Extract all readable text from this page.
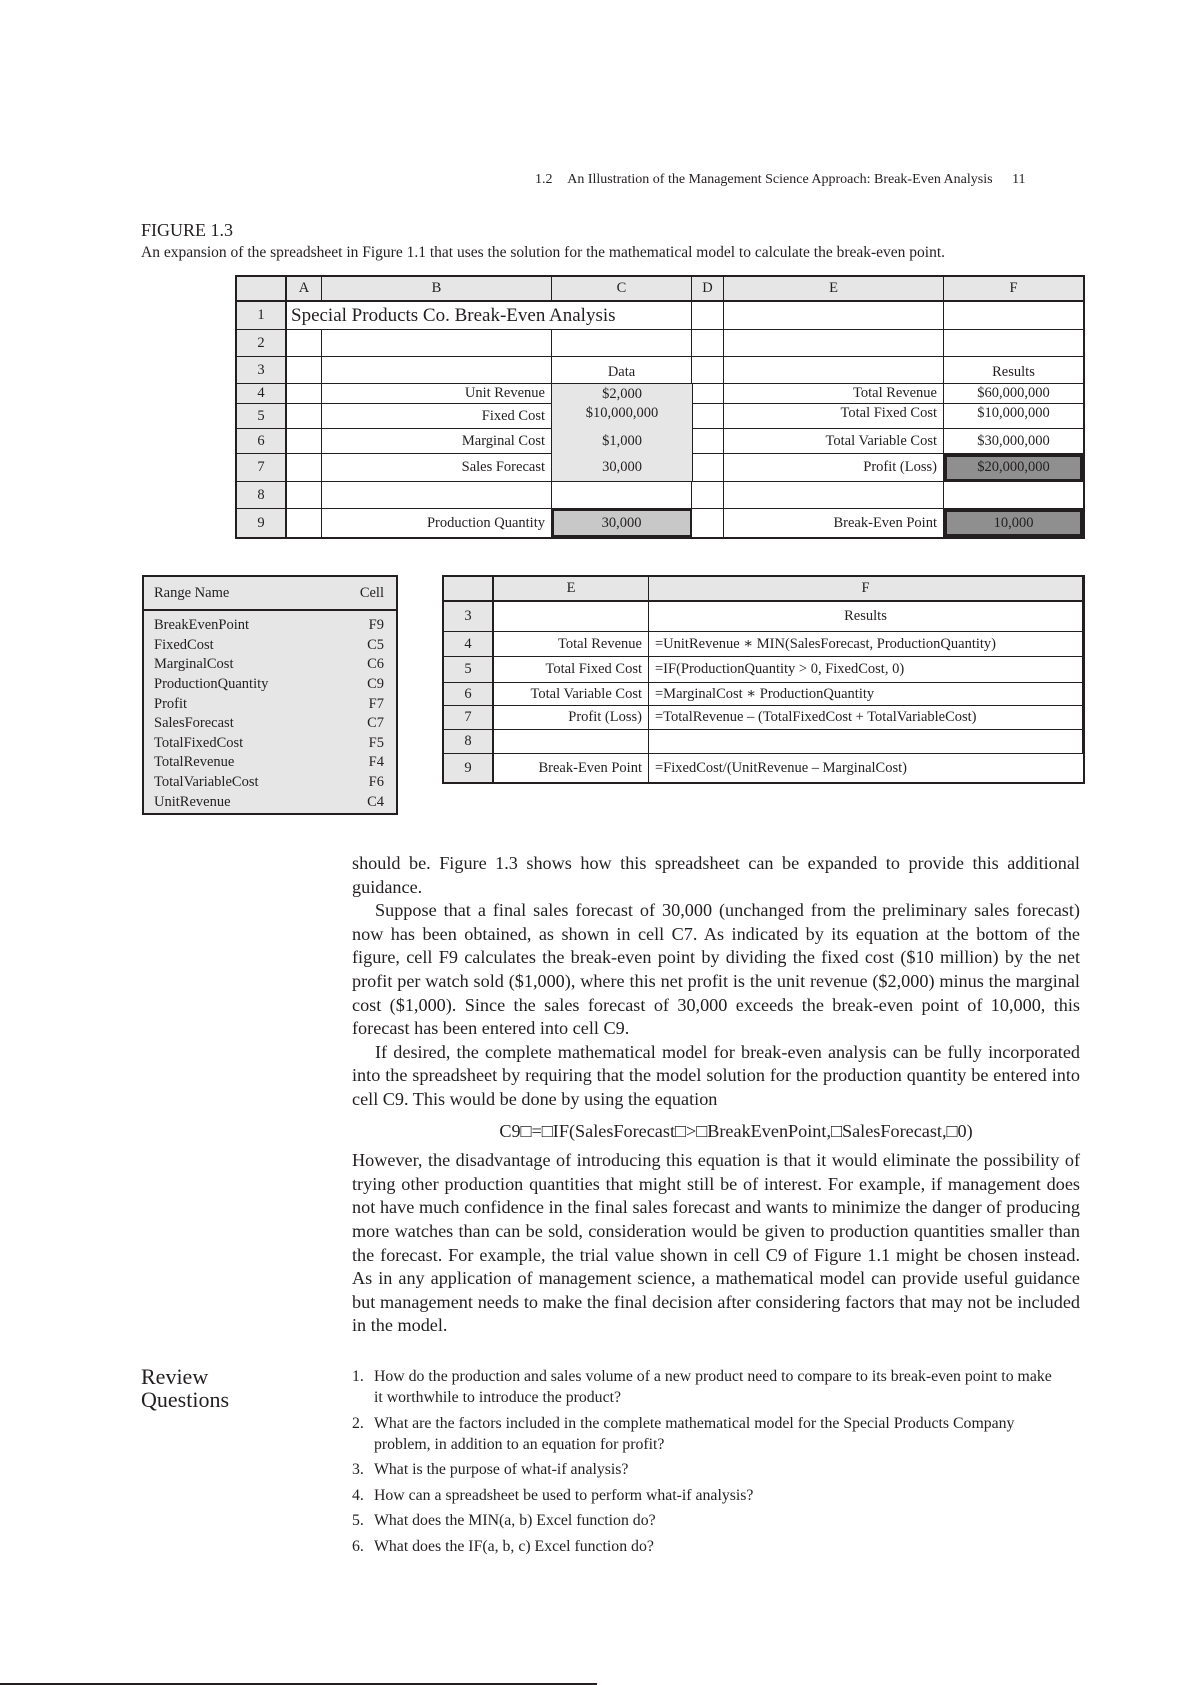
1.2 An Illustration of the Management Science Approach: Break-Even Analysis 11
FIGURE 1.3
An expansion of the spreadsheet in Figure 1.1 that uses the solution for the mathematical model to calculate the break-even point.
A	B	C	D	E	F
1	Special Products Co. Break-Even Analysis
2
3	Data	Results
4	Unit Revenue	$2,000	Total Revenue	$60,000,000
5	Fixed Cost	$10,000,000	Total Fixed Cost	$10,000,000
6	Marginal Cost	$1,000	Total Variable Cost	$30,000,000
7	Sales Forecast	30,000	Profit (Loss)	$20,000,000
8
9	Production Quantity	30,000	Break-Even Point	10,000
Range Name	Cell
BreakEvenPoint	F9
FixedCost	C5
MarginalCost	C6
ProductionQuantity	C9
Profit	F7
SalesForecast	C7
TotalFixedCost	F5
TotalRevenue	F4
TotalVariableCost	F6
UnitRevenue	C4
E	F
3	Results
4	Total Revenue =UnitRevenue ∗ MIN(SalesForecast, ProductionQuantity)
5	Total Fixed Cost =IF(ProductionQuantity > 0, FixedCost, 0)
6	Total Variable Cost =MarginalCost ∗ ProductionQuantity
7	Profit (Loss) =TotalRevenue – (TotalFixedCost + TotalVariableCost)
8
9	Break-Even Point =FixedCost/(UnitRevenue – MarginalCost)

should be. Figure 1.3 shows how this spreadsheet can be expanded to provide this additional guidance.

Suppose that a final sales forecast of 30,000 (unchanged from the preliminary sales forecast) now has been obtained, as shown in cell C7. As indicated by its equation at the bottom of the figure, cell F9 calculates the break-even point by dividing the fixed cost ($10 million) by the net profit per watch sold ($1,000), where this net profit is the unit revenue ($2,000) minus the marginal cost ($1,000). Since the sales forecast of 30,000 exceeds the break-even point of 10,000, this forecast has been entered into cell C9.

If desired, the complete mathematical model for break-even analysis can be fully incorporated into the spreadsheet by requiring that the model solution for the production quantity be entered into cell C9. This would be done by using the equation

C9□=□IF(SalesForecast□>□BreakEvenPoint,□SalesForecast,□0)

However, the disadvantage of introducing this equation is that it would eliminate the possibility of trying other production quantities that might still be of interest. For example, if management does not have much confidence in the final sales forecast and wants to minimize the danger of producing more watches than can be sold, consideration would be given to production quantities smaller than the forecast. For example, the trial value shown in cell C9 of Figure 1.1 might be chosen instead. As in any application of management science, a mathematical model can provide useful guidance but management needs to make the final decision after considering factors that may not be included in the model.

Review
Questions
1. How do the production and sales volume of a new product need to compare to its break-even point to make it worthwhile to introduce the product?
2. What are the factors included in the complete mathematical model for the Special Products Company problem, in addition to an equation for profit?
3. What is the purpose of what-if analysis?
4. How can a spreadsheet be used to perform what-if analysis?
5. What does the MIN(a, b) Excel function do?
6. What does the IF(a, b, c) Excel function do?
